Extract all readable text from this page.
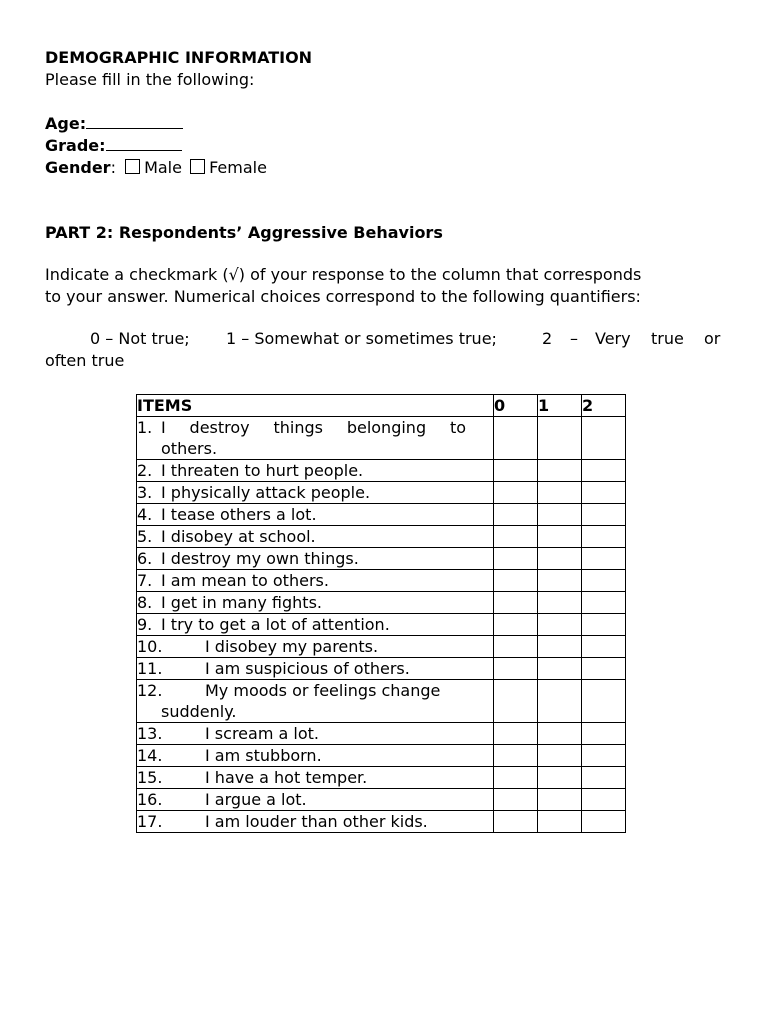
DEMOGRAPHIC INFORMATION
Please fill in the following:
Age:
Grade:
Gender: Male Female
PART 2: Respondents’ Aggressive Behaviors
Indicate a checkmark (√) of your response to the column that corresponds
to your answer. Numerical choices correspond to the following quantifiers:
0 – Not true; 1 – Somewhat or sometimes true;	2 – Very true or
often true
ITEMS	0	1	2

1. I destroy things belonging to
others.			

2. I threaten to hurt people.			

3. I physically attack people.			

4. I tease others a lot.			

5. I disobey at school.			

6. I destroy my own things.			

7. I am mean to others.			

8. I get in many fights.			

9. I try to get a lot of attention.			

10. I disobey my parents.			

11. I am suspicious of others.			

12. My moods or feelings change
suddenly.			

13. I scream a lot.			

14. I am stubborn.			

15. I have a hot temper.			

16. I argue a lot.			

17. I am louder than other kids.			
